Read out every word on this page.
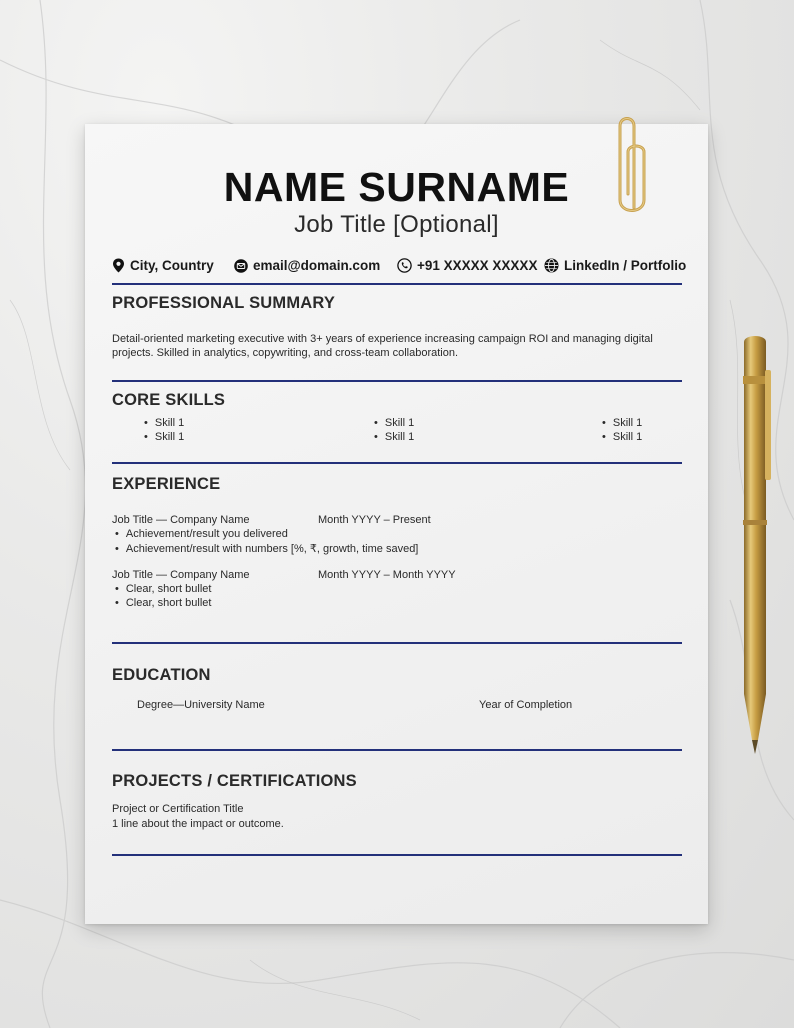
NAME SURNAME
Job Title [Optional]
City, Country	email@domain.com	+91 XXXXX XXXXX LinkedIn / Portfolio
PROFESSIONAL SUMMARY
Detail-oriented marketing executive with 3+ years of experience increasing campaign ROI and managing digital
projects. Skilled in analytics, copywriting, and cross-team collaboration.
CORE SKILLS
• Skill 1
• Skill 1
• Skill 1
• Skill 1
• Skill 1
• Skill 1
EXPERIENCE
Job Title — Company Name	Month YYYY – Present
• Achievement/result you delivered
• Achievement/result with numbers [%, ₹, growth, time saved]
Job Title — Company Name	Month YYYY – Month YYYY
• Clear, short bullet
• Clear, short bullet
EDUCATION
Degree—University Name	Year of Completion
PROJECTS / CERTIFICATIONS
Project or Certification Title
1 line about the impact or outcome.
